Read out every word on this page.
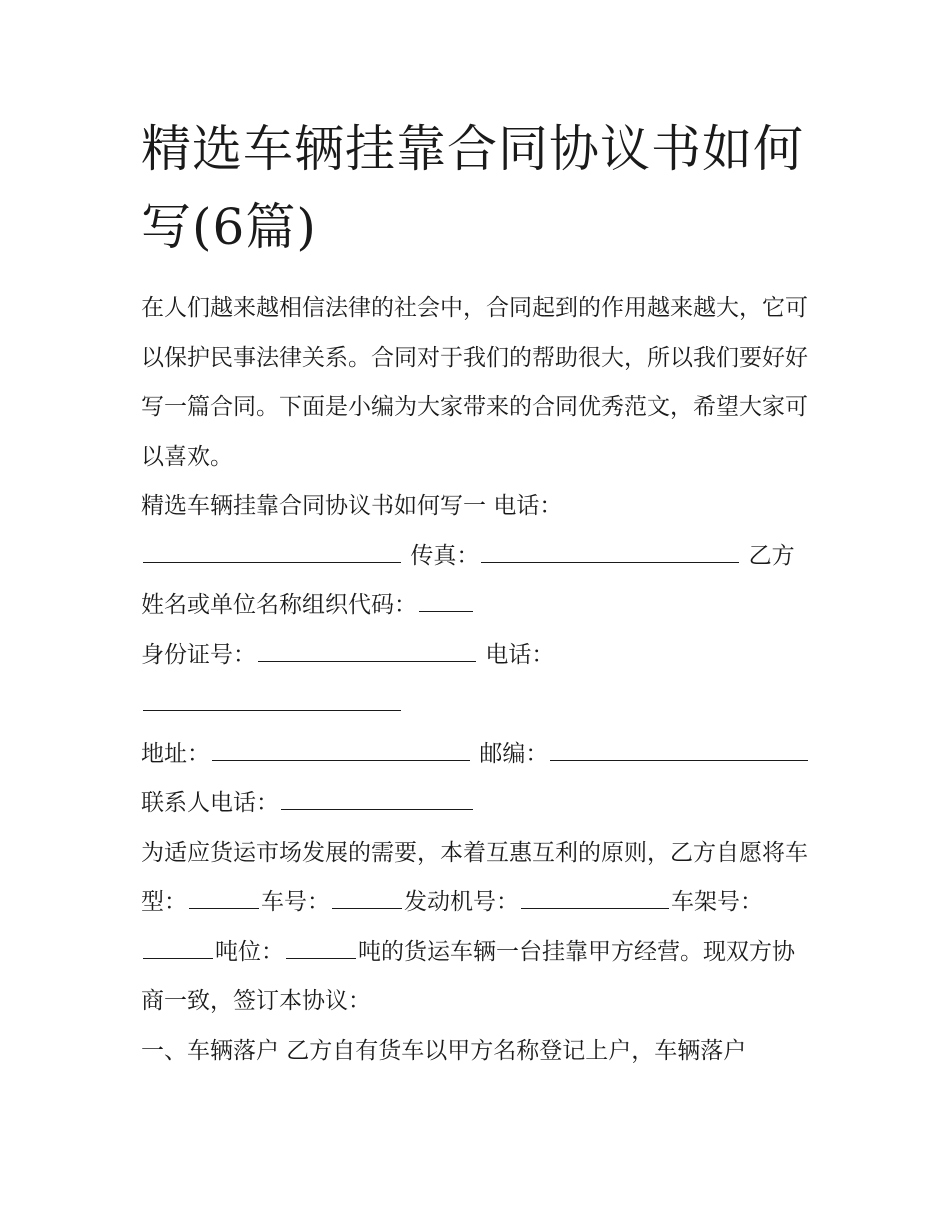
精选车辆挂靠合同协议书如何写(6篇)

在人们越来越相信法律的社会中，合同起到的作用越来越大，它可以保护民事法律关系。合同对于我们的帮助很大，所以我们要好好写一篇合同。下面是小编为大家带来的合同优秀范文，希望大家可以喜欢。

精选车辆挂靠合同协议书如何写一 电话：  传真：	乙方姓名或单位名称组织代码：

身份证号：	电话：

地址：	邮编：

联系人电话：

为适应货运市场发展的需要，本着互惠互利的原则，乙方自愿将车型：	车号：	发动机号：	车架号：吨位：	吨的货运车辆一台挂靠甲方经营。现双方协商一致，签订本协议：

一、车辆落户 乙方自有货车以甲方名称登记上户，车辆落户
